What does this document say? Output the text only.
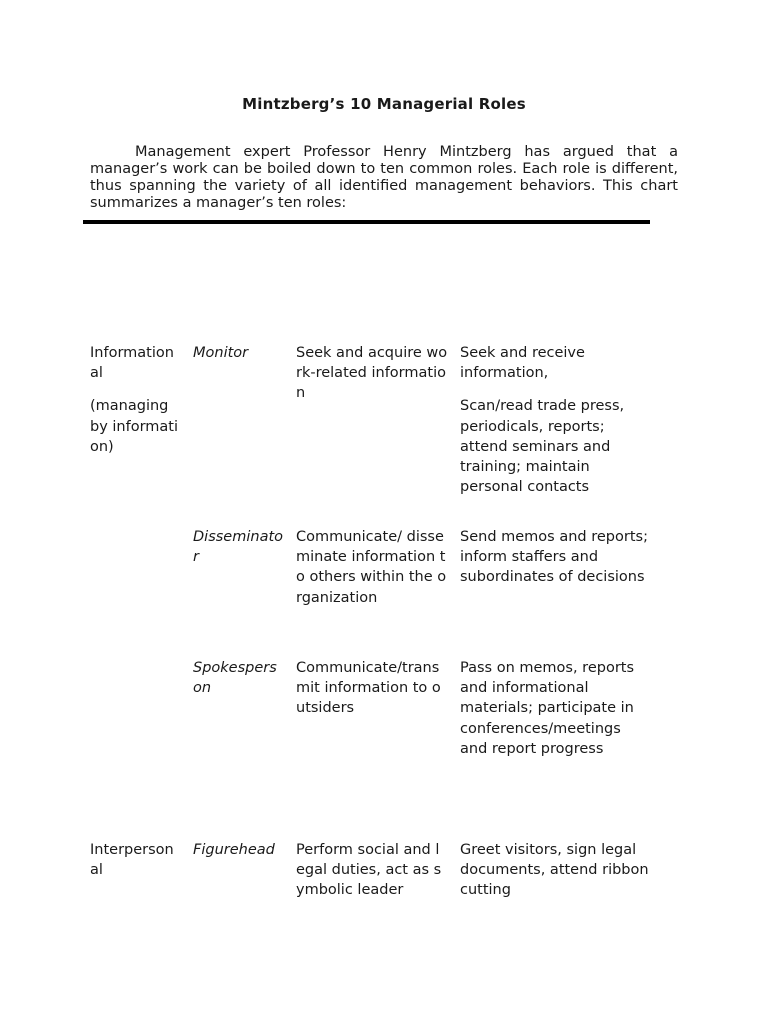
Mintzberg’s 10 Managerial Roles
Management expert Professor Henry Mintzberg has argued that a manager’s work can be boiled down to ten common roles. Each role is different, thus spanning the variety of all identified management behaviors. This chart summarizes a manager’s ten roles:

Informational

(managing by information)

Monitor	Seek and acquire work-related information

Seek and receive information,

Scan/read trade press, periodicals, reports; attend seminars and training; maintain personal contacts

Disseminator
Communicate/ disseminate information to others within the organization
Send memos and reports; inform staffers and subordinates of decisions
Spokesperson
Communicate/transmit information to outsiders
Pass on memos, reports and informational materials; participate in conferences/meetings and report progress
Interpersonal
Figurehead	Perform social and legal duties, act as symbolic leader
Greet visitors, sign legal documents, attend ribbon cutting
